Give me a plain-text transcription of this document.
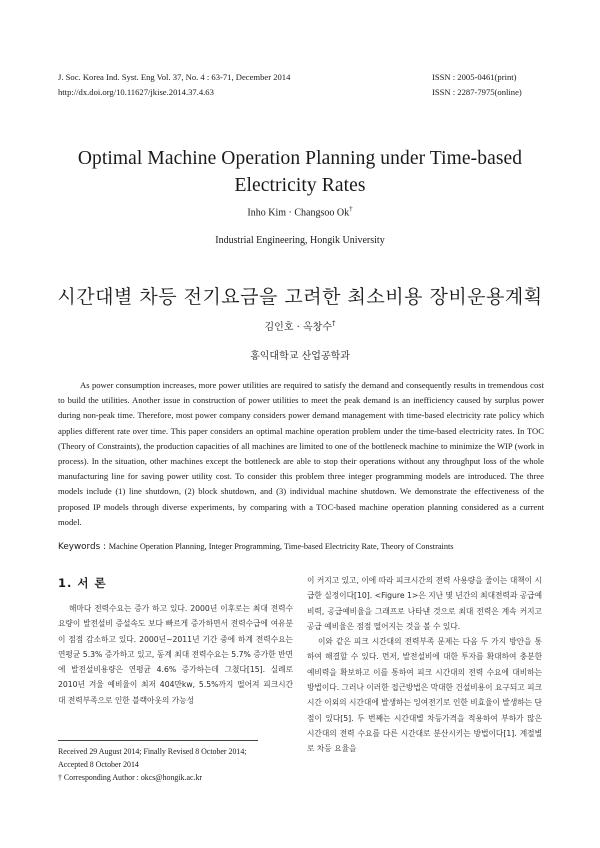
J. Soc. Korea Ind. Syst. Eng Vol. 37, No. 4 : 63-71, December 2014
http://dx.doi.org/10.11627/jkise.2014.37.4.63
ISSN : 2005-0461(print)
ISSN : 2287-7975(online)
Optimal Machine Operation Planning under Time-based
Electricity Rates
Inho Kim · Changsoo Ok†
Industrial Engineering, Hongik University
시간대별 차등 전기요금을 고려한 최소비용 장비운용계획
김인호 · 옥창수†
홍익대학교 산업공학과
As power consumption increases, more power utilities are required to satisfy the demand and consequently results in tremendous cost to build the utilities. Another issue in construction of power utilities to meet the peak demand is an inefficiency caused by surplus power during non-peak time. Therefore, most power company considers power demand management with time-based electricity rate policy which applies different rate over time. This paper considers an optimal machine operation problem under the time-based electricity rates. In TOC (Theory of Constraints), the production capacities of all machines are limited to one of the bottleneck machine to minimize the WIP (work in process). In the situation, other machines except the bottleneck are able to stop their operations without any throughput loss of the whole manufacturing line for saving power utility cost. To consider this problem three integer programming models are introduced. The three models include (1) line shutdown, (2) block shutdown, and (3) individual machine shutdown. We demonstrate the effectiveness of the proposed IP models through diverse experiments, by comparing with a TOC-based machine operation planning considered as a current model.
Keywords : Machine Operation Planning, Integer Programming, Time-based Electricity Rate, Theory of Constraints
1. 서 론

해마다 전력수요는 증가 하고 있다. 2000년 이후로는 최대 전력수요량이 발전설비 증설속도 보다 빠르게 증가하면서 전력수급에 여유분이 점점 감소하고 있다. 2000년~2011년 기간 중에 하계 전력수요는 연평균 5.3% 증가하고 있고, 동계 최대 전력수요는 5.7% 증가한 반면에 발전설비용량은 연평균 4.6% 증가하는데 그쳤다[15]. 실례로 2010년 겨울 예비율이 최저 404만kw, 5.5%까지 떨어져 피크시간 대 전력부족으로 인한 블랙아웃의 가능성

이 커지고 있고, 이에 따라 피크시간의 전력 사용량을 줄이는 대책이 시급한 실정이다[10]. <Figure 1>은 지난 몇 년간의 최대전력과 공급예비력, 공급예비율을 그래프로 나타낸 것으로 최대 전력은 계속 커지고 공급 예비율은 점점 떨어지는 것을 볼 수 있다.

이와 같은 피크 시간대의 전력부족 문제는 다음 두 가지 방안을 통하여 해결할 수 있다. 먼저, 발전설비에 대한 투자를 확대하여 충분한 예비력을 확보하고 이를 통하여 피크 시간대의 전력 수요에 대비하는 방법이다. 그러나 이러한 접근방법은 막대한 건설비용이 요구되고 피크시간 이외의 시간대에 발생하는 잉여전기로 인한 비효율이 발생하는 단점이 있다[5]. 두 번째는 시간대별 차등가격을 적용하여 부하가 많은 시간대의 전력 수요를 다른 시간대로 분산시키는 방법이다[1]. 계절별로 차등 요율을

Received 29 August 2014; Finally Revised 8 October 2014;
Accepted 8 October 2014
† Corresponding Author : okcs@hongik.ac.kr
